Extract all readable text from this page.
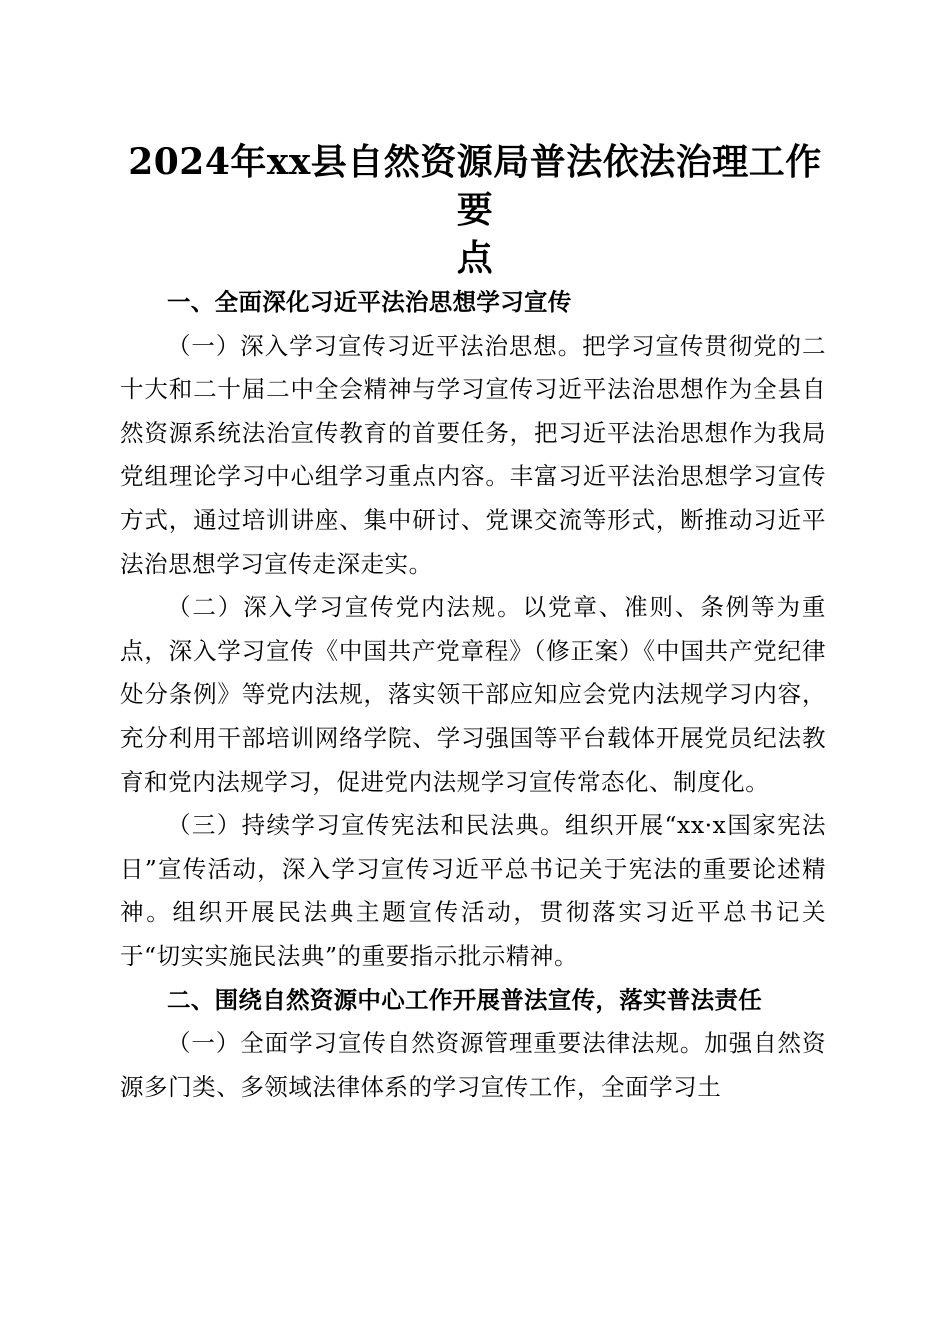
2024年xx县自然资源局普法依法治理工作要
点

一、全面深化习近平法治思想学习宣传

（一）深入学习宣传习近平法治思想。把学习宣传贯彻党的二十大和二十届二中全会精神与学习宣传习近平法治思想作为全县自然资源系统法治宣传教育的首要任务，把习近平法治思想作为我局党组理论学习中心组学习重点内容。丰富习近平法治思想学习宣传方式，通过培训讲座、集中研讨、党课交流等形式，断推动习近平法治思想学习宣传走深走实。

（二）深入学习宣传党内法规。以党章、准则、条例等为重点，深入学习宣传《中国共产党章程》（修正案）《中国共产党纪律处分条例》等党内法规，落实领干部应知应会党内法规学习内容，充分利用干部培训网络学院、学习强国等平台载体开展党员纪法教育和党内法规学习，促进党内法规学习宣传常态化、制度化。

（三）持续学习宣传宪法和民法典。组织开展“xx·x国家宪法日”宣传活动，深入学习宣传习近平总书记关于宪法的重要论述精神。组织开展民法典主题宣传活动，贯彻落实习近平总书记关于“切实实施民法典”的重要指示批示精神。

二、围绕自然资源中心工作开展普法宣传，落实普法责任

（一）全面学习宣传自然资源管理重要法律法规。加强自然资源多门类、多领域法律体系的学习宣传工作，全面学习土
